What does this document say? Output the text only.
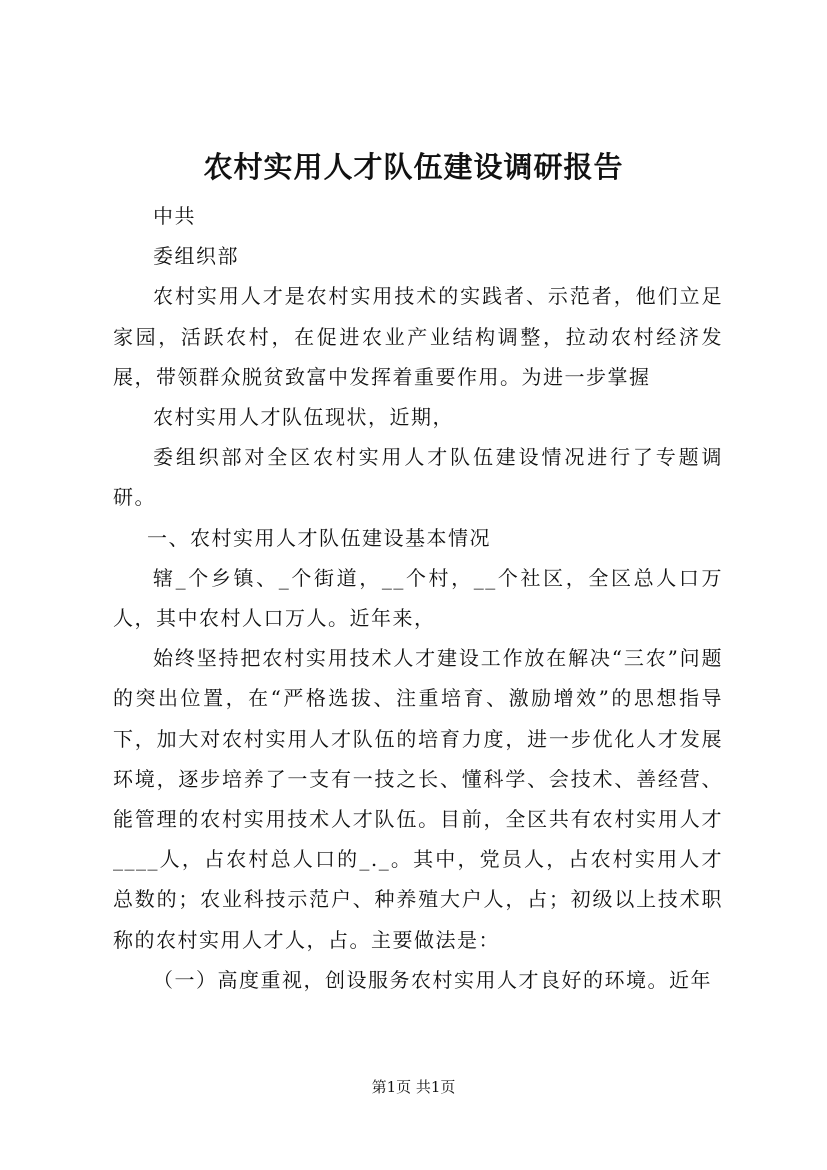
农村实用人才队伍建设调研报告

中共

委组织部

农村实用人才是农村实用技术的实践者、示范者，他们立足家园，活跃农村，在促进农业产业结构调整，拉动农村经济发展，带领群众脱贫致富中发挥着重要作用。为进一步掌握

农村实用人才队伍现状，近期，

委组织部对全区农村实用人才队伍建设情况进行了专题调研。

一、农村实用人才队伍建设基本情况

辖_个乡镇、_个街道，__个村，__个社区，全区总人口万人，其中农村人口万人。近年来，

始终坚持把农村实用技术人才建设工作放在解决“三农”问题的突出位置，在“严格选拔、注重培育、激励增效”的思想指导下，加大对农村实用人才队伍的培育力度，进一步优化人才发展环境，逐步培养了一支有一技之长、懂科学、会技术、善经营、能管理的农村实用技术人才队伍。目前，全区共有农村实用人才____人，占农村总人口的_._。其中，党员人，占农村实用人才总数的；农业科技示范户、种养殖大户人，占；初级以上技术职称的农村实用人才人，占。主要做法是：

（一）高度重视，创设服务农村实用人才良好的环境。近年

第1页 共1页
